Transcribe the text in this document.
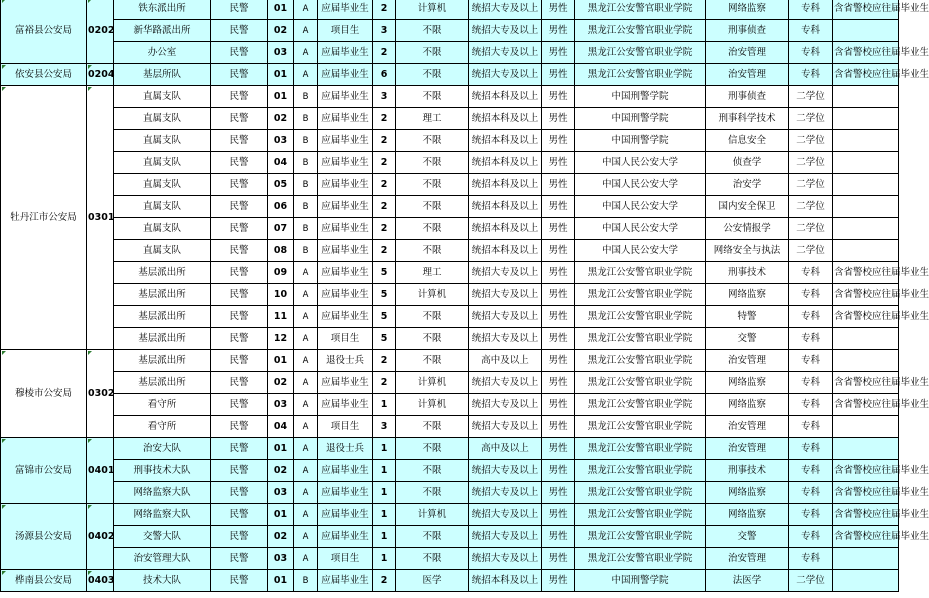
富裕县公安局	0202	铁东派出所	民警	01	A	应届毕业生	2	计算机	统招大专及以上	男性	黑龙江公安警官职业学院	网络监察	专科	含省警校应往届毕业生
		新华路派出所	民警	02	A	项目生	3	不限	统招大专及以上	男性	黑龙江公安警官职业学院	刑事侦查	专科	
		办公室	民警	03	A	应届毕业生	2	不限	统招大专及以上	男性	黑龙江公安警官职业学院	治安管理	专科	含省警校应往届毕业生
依安县公安局	0204	基层所队	民警	01	A	应届毕业生	6	不限	统招大专及以上	男性	黑龙江公安警官职业学院	治安管理	专科	含省警校应往届毕业生
牡丹江市公安局	0301	直属支队	民警	01	B	应届毕业生	3	不限	统招本科及以上	男性	中国刑警学院	刑事侦查	二学位	
		直属支队	民警	02	B	应届毕业生	2	理工	统招本科及以上	男性	中国刑警学院	刑事科学技术	二学位	
		直属支队	民警	03	B	应届毕业生	2	不限	统招本科及以上	男性	中国刑警学院	信息安全	二学位	
		直属支队	民警	04	B	应届毕业生	2	不限	统招本科及以上	男性	中国人民公安大学	侦查学	二学位	
		直属支队	民警	05	B	应届毕业生	2	不限	统招本科及以上	男性	中国人民公安大学	治安学	二学位	
		直属支队	民警	06	B	应届毕业生	2	不限	统招本科及以上	男性	中国人民公安大学	国内安全保卫	二学位	
		直属支队	民警	07	B	应届毕业生	2	不限	统招本科及以上	男性	中国人民公安大学	公安情报学	二学位	
		直属支队	民警	08	B	应届毕业生	2	不限	统招本科及以上	男性	中国人民公安大学	网络安全与执法	二学位	
		基层派出所	民警	09	A	应届毕业生	5	理工	统招大专及以上	男性	黑龙江公安警官职业学院	刑事技术	专科	含省警校应往届毕业生
		基层派出所	民警	10	A	应届毕业生	5	计算机	统招大专及以上	男性	黑龙江公安警官职业学院	网络监察	专科	含省警校应往届毕业生
		基层派出所	民警	11	A	应届毕业生	5	不限	统招大专及以上	男性	黑龙江公安警官职业学院	特警	专科	含省警校应往届毕业生
		基层派出所	民警	12	A	项目生	5	不限	统招大专及以上	男性	黑龙江公安警官职业学院	交警	专科	
穆棱市公安局	0302	基层派出所	民警	01	A	退役士兵	2	不限	高中及以上	男性	黑龙江公安警官职业学院	治安管理	专科	
		基层派出所	民警	02	A	应届毕业生	2	计算机	统招大专及以上	男性	黑龙江公安警官职业学院	网络监察	专科	含省警校应往届毕业生
		看守所	民警	03	A	应届毕业生	1	计算机	统招大专及以上	男性	黑龙江公安警官职业学院	网络监察	专科	含省警校应往届毕业生
		看守所	民警	04	A	项目生	3	不限	统招大专及以上	男性	黑龙江公安警官职业学院	治安管理	专科	
富锦市公安局	0401	治安大队	民警	01	A	退役士兵	1	不限	高中及以上	男性	黑龙江公安警官职业学院	治安管理	专科	
		刑事技术大队	民警	02	A	应届毕业生	1	不限	统招大专及以上	男性	黑龙江公安警官职业学院	刑事技术	专科	含省警校应往届毕业生
		网络监察大队	民警	03	A	应届毕业生	1	不限	统招大专及以上	男性	黑龙江公安警官职业学院	网络监察	专科	含省警校应往届毕业生
汤源县公安局	0402	网络监察大队	民警	01	A	应届毕业生	1	计算机	统招大专及以上	男性	黑龙江公安警官职业学院	网络监察	专科	含省警校应往届毕业生
		交警大队	民警	02	A	应届毕业生	1	不限	统招大专及以上	男性	黑龙江公安警官职业学院	交警	专科	含省警校应往届毕业生
		治安管理大队	民警	03	A	项目生	1	不限	统招大专及以上	男性	黑龙江公安警官职业学院	治安管理	专科	
桦南县公安局	0403	技术大队	民警	01	B	应届毕业生	2	医学	统招本科及以上	男性	中国刑警学院	法医学	二学位	
